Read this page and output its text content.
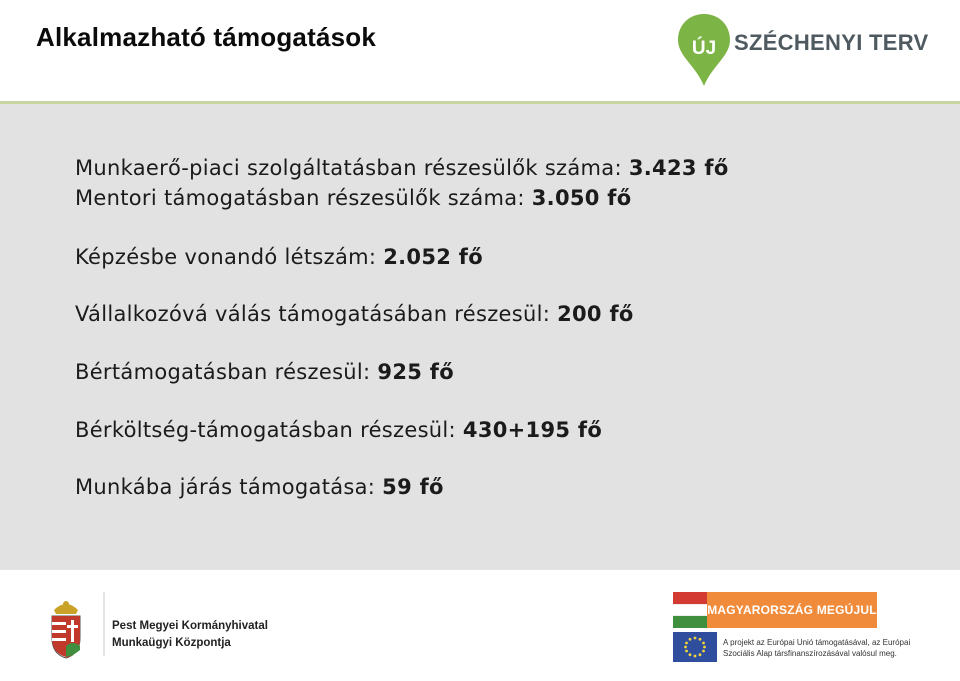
Alkalmazható támogatások	ÚJ SZÉCHENYI TERV
Munkaerő-piaci szolgáltatásban részesülők száma: 3.423 fő
Mentori támogatásban részesülők száma: 3.050 fő
Képzésbe vonandó létszám: 2.052 fő
Vállalkozóvá válás támogatásában részesül: 200 fő
Bértámogatásban részesül: 925 fő
Bérköltség-támogatásban részesül: 430+195 fő
Munkába járás támogatása: 59 fő
Pest Megyei Kormányhivatal
Munkaügyi Központja
MAGYARORSZÁG MEGÚJUL
A projekt az Európai Unió támogatásával, az Európai
Szociális Alap társfinanszírozásával valósul meg.
